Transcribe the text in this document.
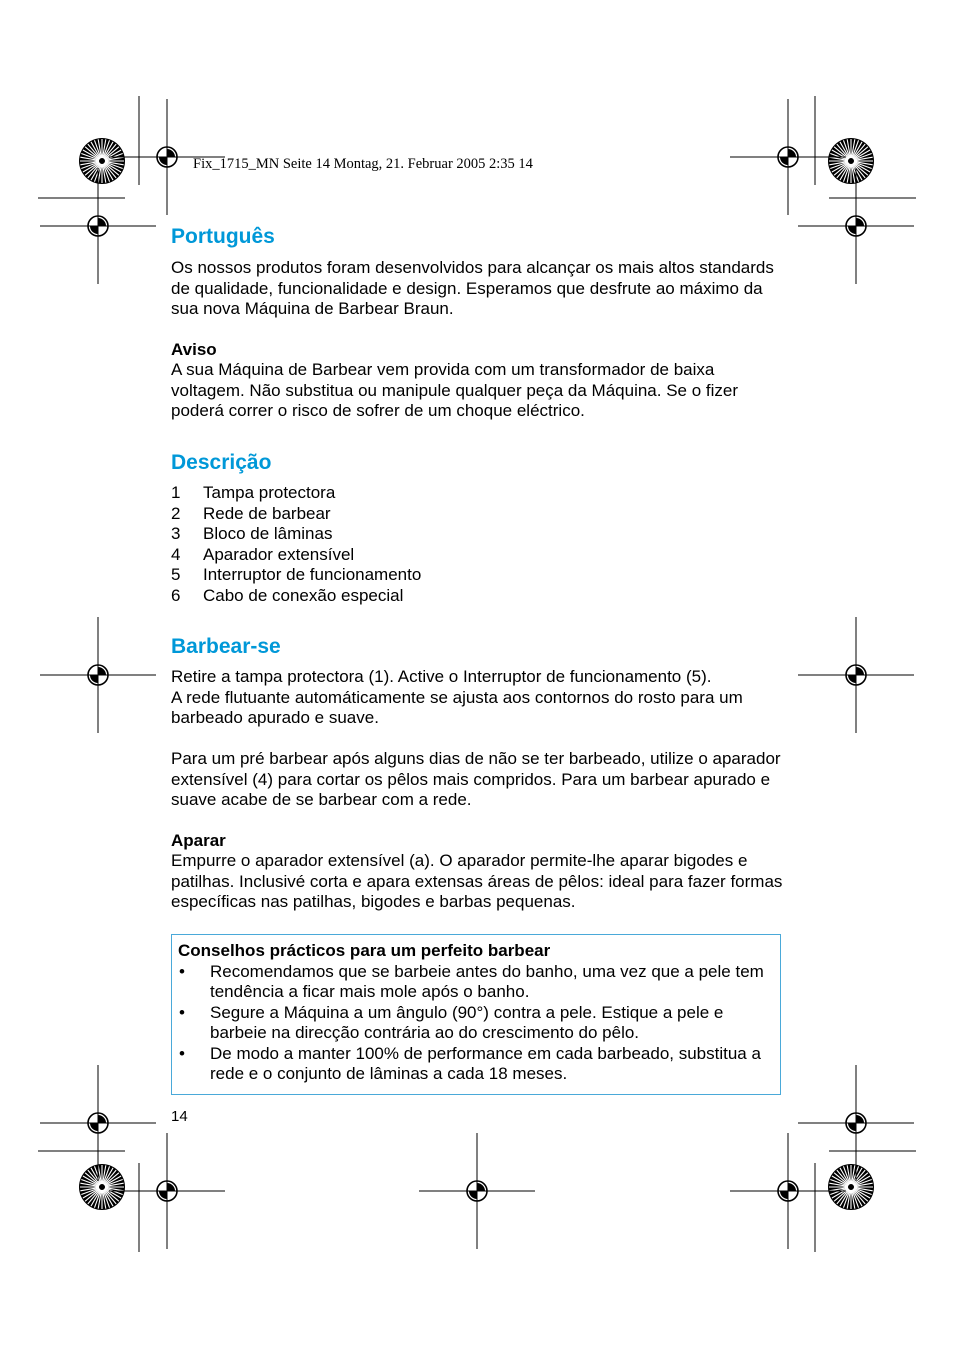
Fix_1715_MN Seite 14 Montag, 21. Februar 2005 2:35 14
Português

Os nossos produtos foram desenvolvidos para alcançar os mais altos standards de qualidade, funcionalidade e design. Esperamos que desfrute ao máximo da sua nova Máquina de Barbear Braun.

Aviso

A sua Máquina de Barbear vem provida com um transformador de baixa voltagem. Não substitua ou manipule qualquer peça da Máquina. Se o fizer poderá correr o risco de sofrer de um choque eléctrico.

Descrição
1 Tampa protectora
2 Rede de barbear
3 Bloco de lâminas
4 Aparador extensível
5 Interruptor de funcionamento
6 Cabo de conexão especial
Barbear-se

Retire a tampa protectora (1). Active o Interruptor de funcionamento (5).

A rede flutuante automáticamente se ajusta aos contornos do rosto para um barbeado apurado e suave.

Para um pré barbear após alguns dias de não se ter barbeado, utilize o aparador extensível (4) para cortar os pêlos mais compridos. Para um barbear apurado e suave acabe de se barbear com a rede.

Aparar

Empurre o aparador extensível (a). O aparador permite-lhe aparar bigodes e patilhas. Inclusivé corta e apara extensas áreas de pêlos: ideal para fazer formas específicas nas patilhas, bigodes e barbas pequenas.

Conselhos prácticos para um perfeito barbear
• Recomendamos que se barbeie antes do banho, uma vez que a pele tem tendência a ficar mais mole após o banho.
• Segure a Máquina a um ângulo (90°) contra a pele. Estique a pele e barbeie na direcção contrária ao do crescimento do pêlo.
• De modo a manter 100% de performance em cada barbeado, substitua a rede e o conjunto de lâminas a cada 18 meses.
14
